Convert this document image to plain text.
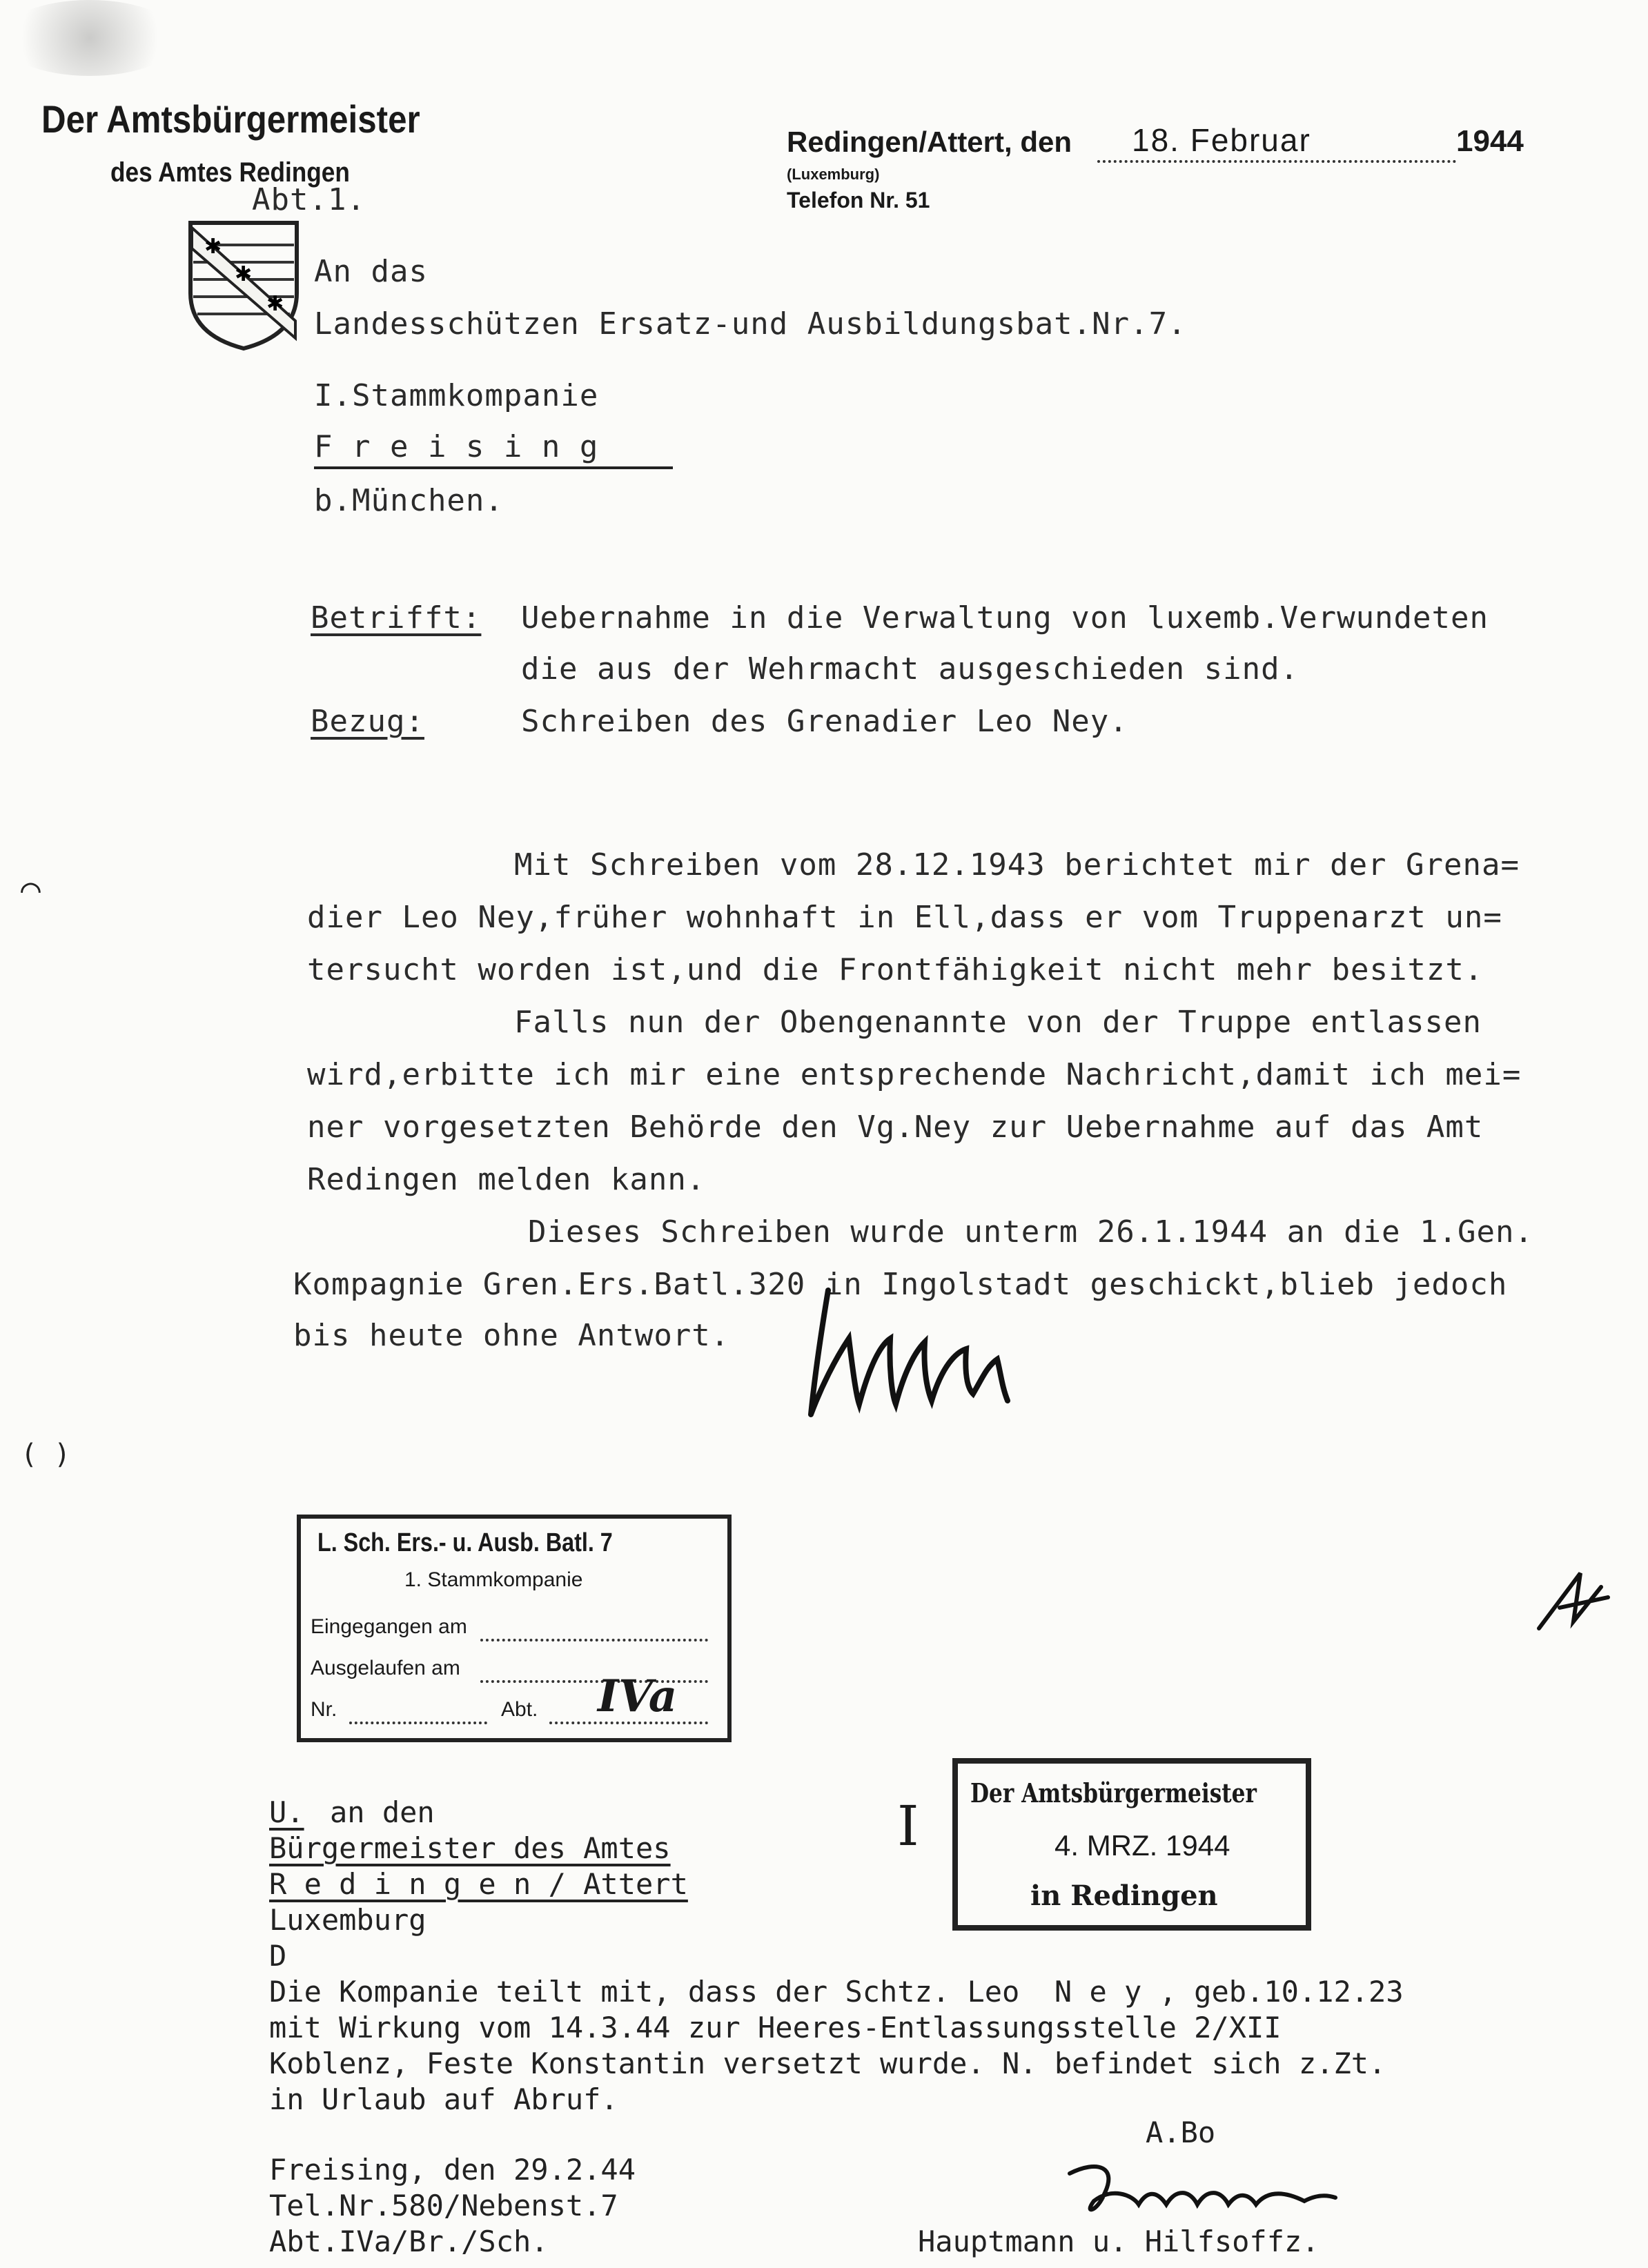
Der Amtsbürgermeister
des Amtes Redingen
Abt.1.
Redingen/Attert, den 18. Februar	1944
(Luxemburg)
Telefon Nr. 51
✱
✱
✱
An das
Landesschützen Ersatz-und Ausbildungsbat.Nr.7.
I.Stammkompanie
F r e i s i n g
b.München.
Betrifft: Uebernahme in die Verwaltung von luxemb.Verwundeten
die aus der Wehrmacht ausgeschieden sind.
Bezug:	Schreiben des Grenadier Leo Ney.
Mit Schreiben vom 28.12.1943 berichtet mir der Grena=
dier Leo Ney,früher wohnhaft in Ell,dass er vom Truppenarzt un=
tersucht worden ist,und die Frontfähigkeit nicht mehr besitzt.
Falls nun der Obengenannte von der Truppe entlassen
wird,erbitte ich mir eine entsprechende Nachricht,damit ich mei=
ner vorgesetzten Behörde den Vg.Ney zur Uebernahme auf das Amt
Redingen melden kann.
Dieses Schreiben wurde unterm 26.1.1944 an die 1.Gen.
Kompagnie Gren.Ers.Batl.320 in Ingolstadt geschickt,blieb jedoch
bis heute ohne Antwort.
⌒
( )
L. Sch. Ers.- u. Ausb. Batl. 7
1. Stammkompanie
Eingegangen am
Ausgelaufen am
Nr.	Abt. IVa
Der Amtsbürgermeister
4. MRZ. 1944
in Redingen
I
U. an den
Bürgermeister des Amtes
R e d i n g e n / Attert
Luxemburg
D
Die Kompanie teilt mit, dass der Schtz. Leo  N e y , geb.10.12.23
mit Wirkung vom 14.3.44 zur Heeres-Entlassungsstelle 2/XII
Koblenz, Feste Konstantin versetzt wurde. N. befindet sich z.Zt.
in Urlaub auf Abruf.
A.Bo
Freising, den 29.2.44
Tel.Nr.580/Nebenst.7
Abt.IVa/Br./Sch.	Hauptmann u. Hilfsoffz.
